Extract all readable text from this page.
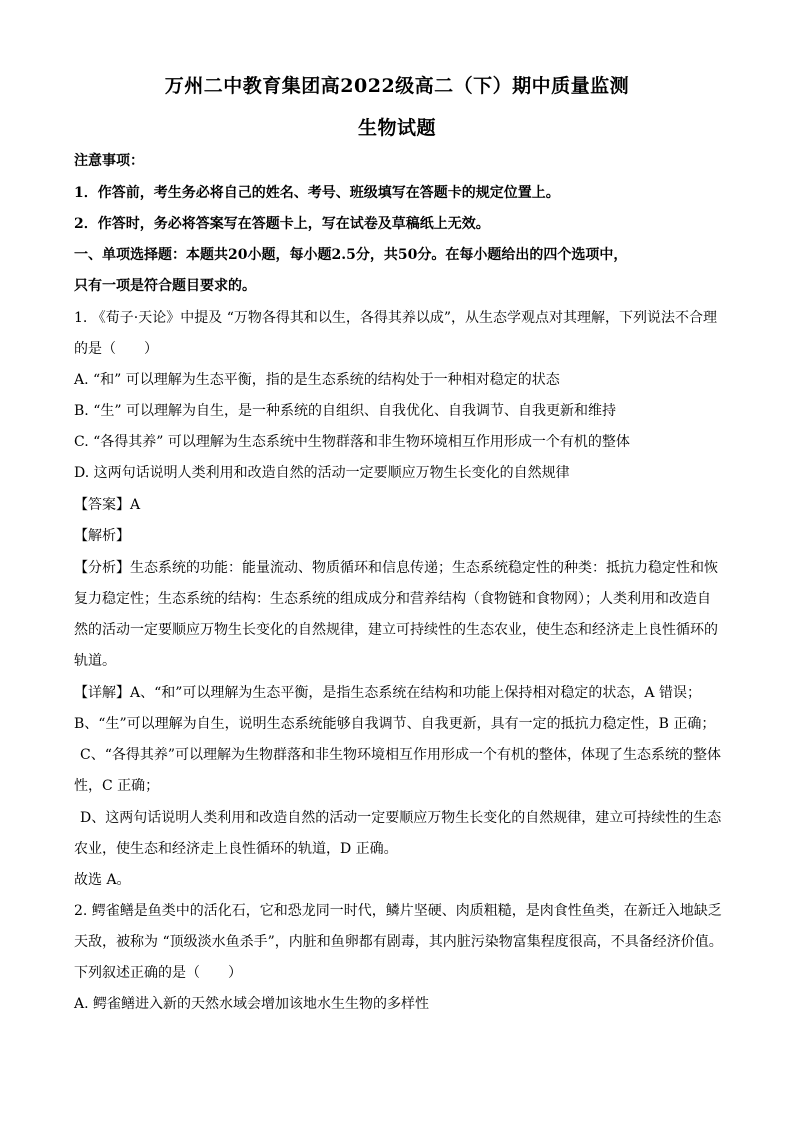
万州二中教育集团高2022级高二（下）期中质量监测
生物试题
注意事项：
1．作答前，考生务必将自己的姓名、考号、班级填写在答题卡的规定位置上。
2．作答时，务必将答案写在答题卡上，写在试卷及草稿纸上无效。
一、单项选择题：本题共20小题，每小题2.5分，共50分。在每小题给出的四个选项中，
只有一项是符合题目要求的。
1. 《荀子·天论》中提及 “万物各得其和以生，各得其养以成”，从生态学观点对其理解，下列说法不合理
的是（　　）
A. “和” 可以理解为生态平衡，指的是生态系统的结构处于一种相对稳定的状态
B. “生” 可以理解为自生，是一种系统的自组织、自我优化、自我调节、自我更新和维持
C. “各得其养” 可以理解为生态系统中生物群落和非生物环境相互作用形成一个有机的整体
D. 这两句话说明人类利用和改造自然的活动一定要顺应万物生长变化的自然规律
【答案】A
【解析】
【分析】生态系统的功能：能量流动、物质循环和信息传递；生态系统稳定性的种类：抵抗力稳定性和恢
复力稳定性；生态系统的结构：生态系统的组成成分和营养结构（食物链和食物网）；人类利用和改造自
然的活动一定要顺应万物生长变化的自然规律，建立可持续性的生态农业，使生态和经济走上良性循环的
轨道。
【详解】A、“和”可以理解为生态平衡，是指生态系统在结构和功能上保持相对稳定的状态，A 错误；
B、“生”可以理解为自生，说明生态系统能够自我调节、自我更新，具有一定的抵抗力稳定性，B 正确；
C、“各得其养”可以理解为生物群落和非生物环境相互作用形成一个有机的整体，体现了生态系统的整体
性，C 正确；
D、这两句话说明人类利用和改造自然的活动一定要顺应万物生长变化的自然规律，建立可持续性的生态
农业，使生态和经济走上良性循环的轨道，D 正确。
故选 A。
2. 鳄雀鳝是鱼类中的活化石，它和恐龙同一时代，鳞片坚硬、肉质粗糙，是肉食性鱼类，在新迁入地缺乏
天敌，被称为 “顶级淡水鱼杀手”，内脏和鱼卵都有剧毒，其内脏污染物富集程度很高，不具备经济价值。
下列叙述正确的是（　　）
A. 鳄雀鳝进入新的天然水域会增加该地水生生物的多样性
